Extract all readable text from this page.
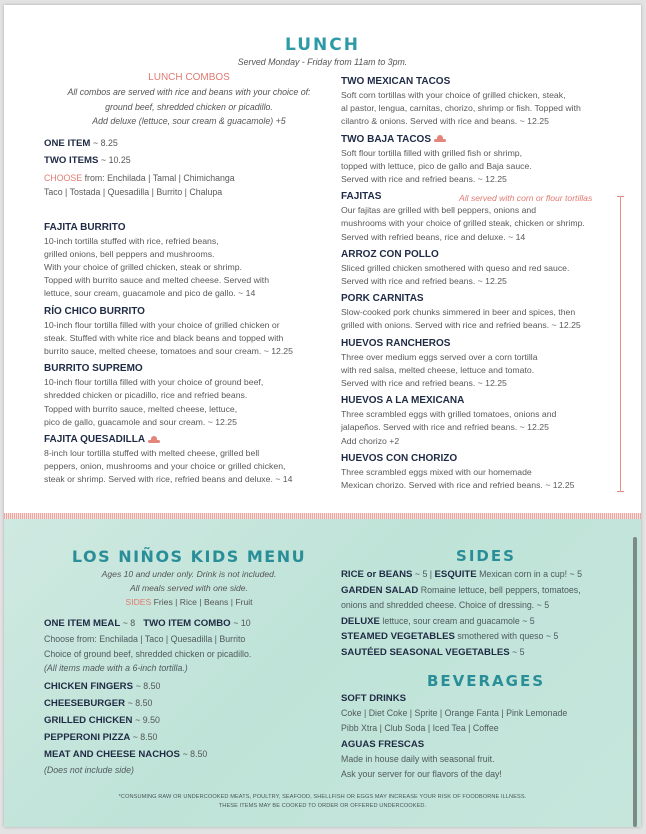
LUNCH
Served Monday - Friday from 11am to 3pm.
LUNCH COMBOS
All combos are served with rice and beans with your choice of:
ground beef, shredded chicken or picadillo.
Add deluxe (lettuce, sour cream & guacamole) +5
ONE ITEM ~ 8.25
TWO ITEMS ~ 10.25
CHOOSE from: Enchilada | Tamal | Chimichanga
Taco | Tostada | Quesadilla | Burrito | Chalupa
FAJITA BURRITO
10-inch tortilla stuffed with rice, refried beans,
grilled onions, bell peppers and mushrooms.
With your choice of grilled chicken, steak or shrimp.
Topped with burrito sauce and melted cheese. Served with
lettuce, sour cream, guacamole and pico de gallo. ~ 14
RÍO CHICO BURRITO
10-inch flour tortilla filled with your choice of grilled chicken or
steak. Stuffed with white rice and black beans and topped with
burrito sauce, melted cheese, tomatoes and sour cream. ~ 12.25
BURRITO SUPREMO
10-inch flour tortilla filled with your choice of ground beef,
shredded chicken or picadillo, rice and refried beans.
Topped with burrito sauce, melted cheese, lettuce,
pico de gallo, guacamole and sour cream. ~ 12.25
FAJITA QUESADILLA
8-inch lour tortilla stuffed with melted cheese, grilled bell
peppers, onion, mushrooms and your choice or grilled chicken,
steak or shrimp. Served with rice, refried beans and deluxe. ~ 14
TWO MEXICAN TACOS
Soft corn tortillas with your choice of grilled chicken, steak,
al pastor, lengua, carnitas, chorizo, shrimp or fish. Topped with
cilantro & onions. Served with rice and beans. ~ 12.25
TWO BAJA TACOS
Soft flour tortilla filled with grilled fish or shrimp,
topped with lettuce, pico de gallo and Baja sauce.
Served with rice and refried beans. ~ 12.25
FAJITAS
Our fajitas are grilled with bell peppers, onions and
mushrooms with your choice of grilled steak, chicken or shrimp.
Served with refried beans, rice and deluxe. ~ 14
ARROZ CON POLLO
Sliced grilled chicken smothered with queso and red sauce.
Served with rice and refried beans. ~ 12.25
PORK CARNITAS
Slow-cooked pork chunks simmered in beer and spices, then
grilled with onions. Served with rice and refried beans. ~ 12.25
HUEVOS RANCHEROS
Three over medium eggs served over a corn tortilla
with red salsa, melted cheese, lettuce and tomato.
Served with rice and refried beans. ~ 12.25
HUEVOS A LA MEXICANA
Three scrambled eggs with grilled tomatoes, onions and
jalapeños. Served with rice and refried beans. ~ 12.25
Add chorizo +2
HUEVOS CON CHORIZO
Three scrambled eggs mixed with our homemade
Mexican chorizo. Served with rice and refried beans. ~ 12.25
All served with corn or flour tortillas
LOS NIÑOS KIDS MENU
Ages 10 and under only. Drink is not included.
All meals served with one side.
SIDES Fries | Rice | Beans | Fruit
ONE ITEM MEAL ~ 8 TWO ITEM COMBO ~ 10
Choose from: Enchilada | Taco | Quesadilla | Burrito
Choice of ground beef, shredded chicken or picadillo.
(All items made with a 6-inch tortilla.)
CHICKEN FINGERS ~ 8.50
CHEESEBURGER ~ 8.50
GRILLED CHICKEN ~ 9.50
PEPPERONI PIZZA ~ 8.50
MEAT AND CHEESE NACHOS ~ 8.50
(Does not include side)
SIDES
RICE or BEANS ~ 5 | ESQUITE Mexican corn in a cup! ~ 5
GARDEN SALAD Romaine lettuce, bell peppers, tomatoes,
onions and shredded cheese. Choice of dressing. ~ 5
DELUXE lettuce, sour cream and guacamole ~ 5
STEAMED VEGETABLES smothered with queso ~ 5
SAUTÉED SEASONAL VEGETABLES ~ 5
BEVERAGES
SOFT DRINKS
Coke | Diet Coke | Sprite | Orange Fanta | Pink Lemonade
Pibb Xtra | Club Soda | Iced Tea | Coffee
AGUAS FRESCAS
Made in house daily with seasonal fruit.
Ask your server for our flavors of the day!
*CONSUMING RAW OR UNDERCOOKED MEATS, POULTRY, SEAFOOD, SHELLFISH OR EGGS MAY INCREASE YOUR RISK OF FOODBORNE ILLNESS.
THESE ITEMS MAY BE COOKED TO ORDER OR OFFERED UNDERCOOKED.
